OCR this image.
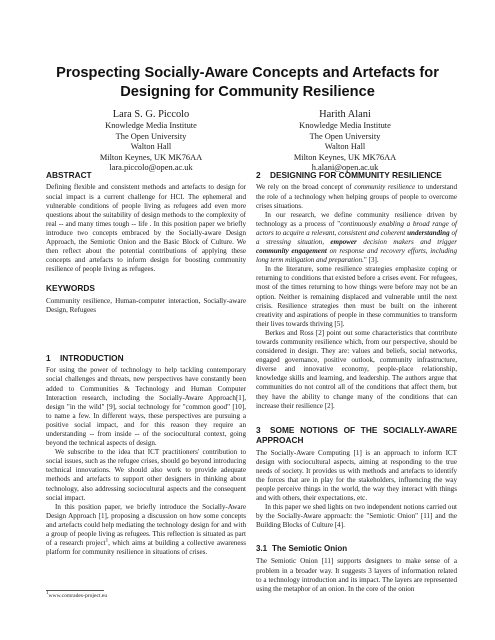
Prospecting Socially-Aware Concepts and Artefacts for Designing for Community Resilience
Lara S. G. Piccolo
Knowledge Media Institute
The Open University
Walton Hall
Milton Keynes, UK MK76AA
lara.piccolo@open.ac.uk
Harith Alani
Knowledge Media Institute
The Open University
Walton Hall
Milton Keynes, UK MK76AA
h.alani@open.ac.uk
ABSTRACT

Defining flexible and consistent methods and artefacts to design for social impact is a current challenge for HCI. The ephemeral and vulnerable conditions of people living as refugees add even more questions about the suitability of design methods to the complexity of real -- and many times tough -- life . In this position paper we briefly introduce two concepts embraced by the Socially-aware Design Approach, the Semiotic Onion and the Basic Block of Culture. We then reflect about the potential contributions of applying these concepts and artefacts to inform design for boosting community resilience of people living as refugees.

KEYWORDS

Community resilience, Human-computer interaction, Socially-aware Design, Refugees

1 INTRODUCTION

For using the power of technology to help tackling contemporary social challenges and threats, new perspectives have constantly been added to Communities & Technology and Human Computer Interaction research, including the Socially-Aware Approach[1], design "in the wild" [9], social technology for "common good" [10], to name a few. In different ways, these perspectives are pursuing a positive social impact, and for this reason they require an understanding -- from inside -- of the sociocultural context, going beyond the technical aspects of design.

We subscribe to the idea that ICT practitioners' contribution to social issues, such as the refugee crises, should go beyond introducing technical innovations. We should also work to provide adequate methods and artefacts to support other designers in thinking about technology, also addressing sociocultural aspects and the consequent social impact.

In this position paper, we briefly introduce the Socially-Aware Design Approach [1], proposing a discussion on how some concepts and artefacts could help mediating the technology design for and with a group of people living as refugees. This reflection is situated as part of a research project$^1$, which aims at building a collective awareness platform for community resilience in situations of crises.

$^1$www.comrades-project.eu
2 DESIGNING FOR COMMUNITY RESILIENCE

We rely on the broad concept of community resilience to understand the role of a technology when helping groups of people to overcome crises situations.

In our research, we define community resilience driven by technology as a process of "continuously enabling a broad range of actors to acquire a relevant, consistent and coherent understanding of a stressing situation, empower decision makers and trigger community engagement on response and recovery efforts, including long term mitigation and preparation." [3].

In the literature, some resilience strategies emphasize coping or returning to conditions that existed before a crises event. For refugees, most of the times returning to how things were before may not be an option. Neither is remaining displaced and vulnerable until the next crisis. Resilience strategies then must be built on the inherent creativity and aspirations of people in these communities to transform their lives towards thriving [5].

Berkes and Ross [2] point out some characteristics that contribute towards community resilience which, from our perspective, should be considered in design. They are: values and beliefs, social networks, engaged governance, positive outlook, community infrastructure, diverse and innovative economy, people-place relationship, knowledge skills and learning, and leadership. The authors argue that communities do not control all of the conditions that affect them, but they have the ability to change many of the conditions that can increase their resilience [2].

3 SOME NOTIONS OF THE SOCIALLY-AWARE APPROACH

The Socially-Aware Computing [1] is an approach to inform ICT design with sociocultural aspects, aiming at responding to the true needs of society. It provides us with methods and artefacts to identify the forces that are in play for the stakeholders, influencing the way people perceive things in the world, the way they interact with things and with others, their expectations, etc.

In this paper we shed lights on two independent notions carried out by the Socially-Aware approach: the "Semiotic Onion" [11] and the Building Blocks of Culture [4].

3.1 The Semiotic Onion

The Semiotic Onion [11] supports designers to make sense of a problem in a broader way. It suggests 3 layers of information related to a technology introduction and its impact. The layers are represented using the metaphor of an onion. In the core of the onion
